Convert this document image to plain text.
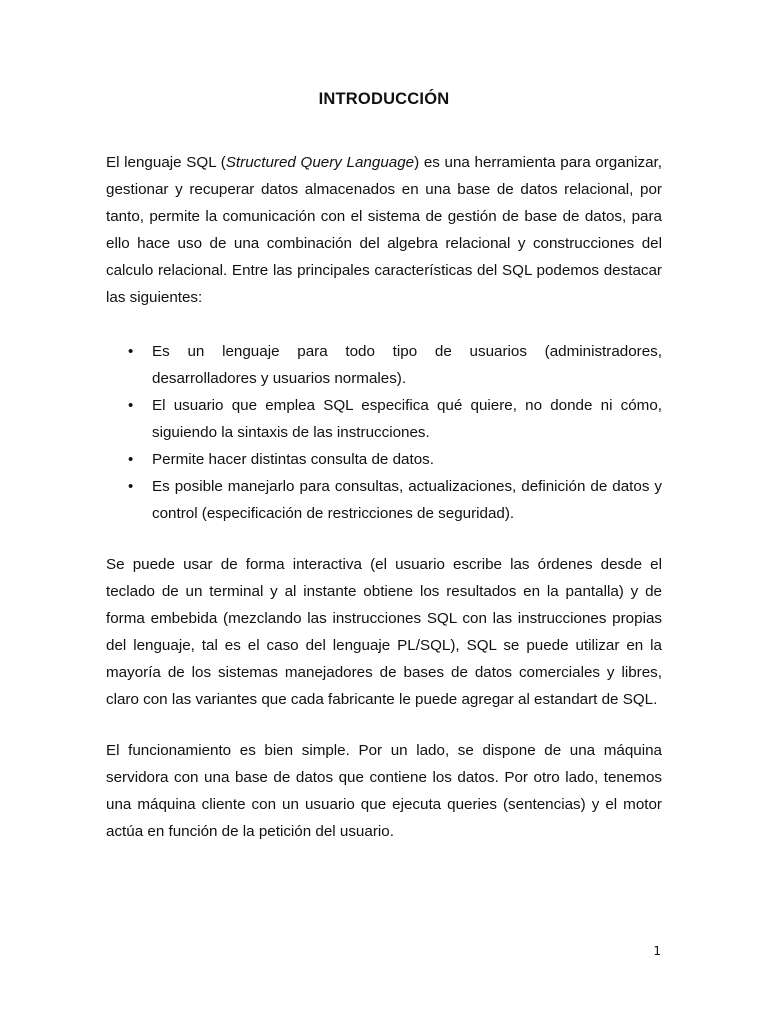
INTRODUCCIÓN

El lenguaje SQL (Structured Query Language) es una herramienta para organizar, gestionar y recuperar datos almacenados en una base de datos relacional, por tanto, permite la comunicación con el sistema de gestión de base de datos, para ello hace uso de una combinación del algebra relacional y construcciones del calculo relacional. Entre las principales características del SQL podemos destacar las siguientes:

• Es un lenguaje para todo tipo de usuarios (administradores, desarrolladores y usuarios normales).
• El usuario que emplea SQL especifica qué quiere, no donde ni cómo, siguiendo la sintaxis de las instrucciones.
• Permite hacer distintas consulta de datos.
• Es posible manejarlo para consultas, actualizaciones, definición de datos y control (especificación de restricciones de seguridad).

Se puede usar de forma interactiva (el usuario escribe las órdenes desde el teclado de un terminal y al instante obtiene los resultados en la pantalla) y de forma embebida (mezclando las instrucciones SQL con las instrucciones propias del lenguaje, tal es el caso del lenguaje PL/SQL), SQL se puede utilizar en la mayoría de los sistemas manejadores de bases de datos comerciales y libres, claro con las variantes que cada fabricante le puede agregar al estandart de SQL.

El funcionamiento es bien simple. Por un lado, se dispone de una máquina servidora con una base de datos que contiene los datos. Por otro lado, tenemos una máquina cliente con un usuario que ejecuta queries (sentencias) y el motor actúa en función de la petición del usuario.

1
